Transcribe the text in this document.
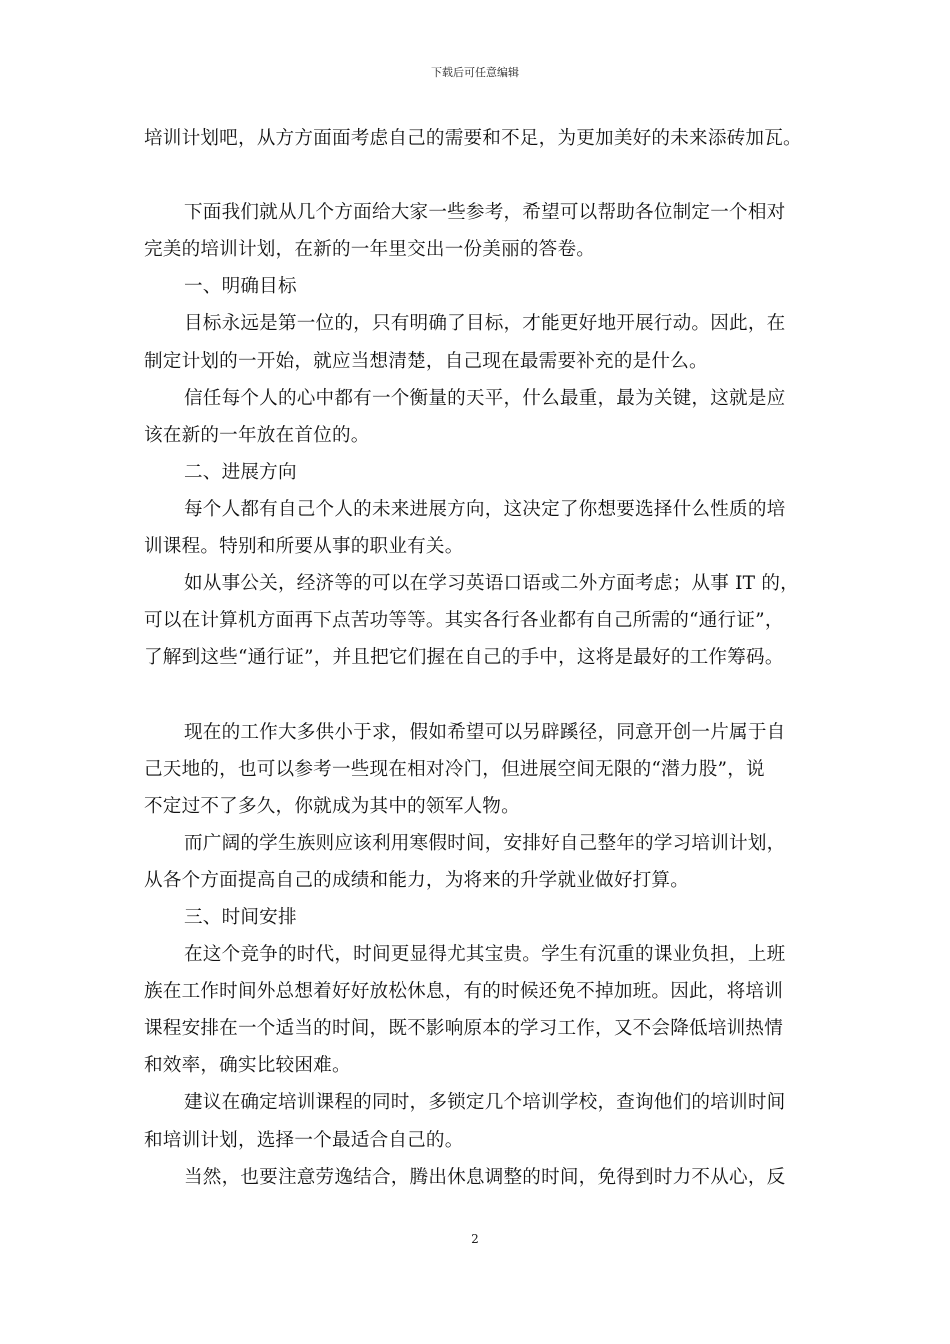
下载后可任意编辑
培训计划吧，从方方面面考虑自己的需要和不足，为更加美好的未来添砖加瓦。
下面我们就从几个方面给大家一些参考，希望可以帮助各位制定一个相对
完美的培训计划，在新的一年里交出一份美丽的答卷。
一、明确目标
目标永远是第一位的，只有明确了目标，才能更好地开展行动。因此，在
制定计划的一开始，就应当想清楚，自己现在最需要补充的是什么。
信任每个人的心中都有一个衡量的天平，什么最重，最为关键，这就是应
该在新的一年放在首位的。
二、进展方向
每个人都有自己个人的未来进展方向，这决定了你想要选择什么性质的培
训课程。特别和所要从事的职业有关。
如从事公关，经济等的可以在学习英语口语或二外方面考虑；从事 IT 的，
可以在计算机方面再下点苦功等等。其实各行各业都有自己所需的“通行证”，
了解到这些“通行证”，并且把它们握在自己的手中，这将是最好的工作筹码。
现在的工作大多供小于求，假如希望可以另辟蹊径，同意开创一片属于自
己天地的，也可以参考一些现在相对冷门，但进展空间无限的“潜力股”，说
不定过不了多久，你就成为其中的领军人物。
而广阔的学生族则应该利用寒假时间，安排好自己整年的学习培训计划，
从各个方面提高自己的成绩和能力，为将来的升学就业做好打算。
三、时间安排
在这个竞争的时代，时间更显得尤其宝贵。学生有沉重的课业负担，上班
族在工作时间外总想着好好放松休息，有的时候还免不掉加班。因此，将培训
课程安排在一个适当的时间，既不影响原本的学习工作，又不会降低培训热情
和效率，确实比较困难。
建议在确定培训课程的同时，多锁定几个培训学校，查询他们的培训时间
和培训计划，选择一个最适合自己的。
当然，也要注意劳逸结合，腾出休息调整的时间，免得到时力不从心，反
2
